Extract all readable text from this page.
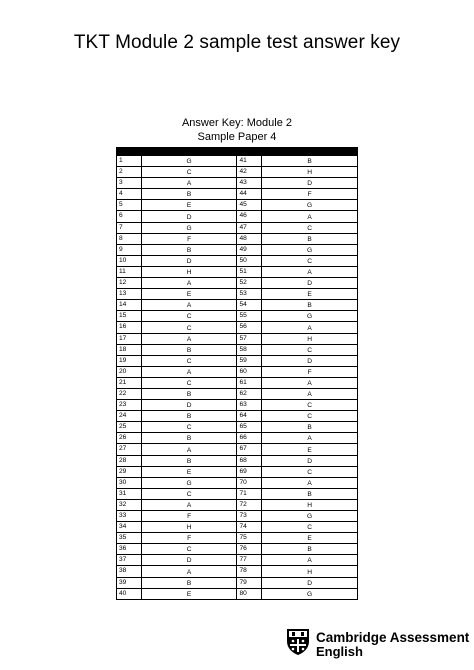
TKT Module 2 sample test answer key
Answer Key: Module 2
Sample Paper 4

1	G	41	B
2	C	42	H
3	A	43	D
4	B	44	F
5	E	45	G
6	D	46	A
7	G	47	C
8	F	48	B
9	B	49	G
10	D	50	C
11	H	51	A
12	A	52	D
13	E	53	E
14	A	54	B
15	C	55	G
16	C	56	A
17	A	57	H
18	B	58	C
19	C	59	D
20	A	60	F
21	C	61	A
22	B	62	A
23	D	63	C
24	B	64	C
25	C	65	B
26	B	66	A
27	A	67	E
28	B	68	D
29	E	69	C
30	G	70	A
31	C	71	B
32	A	72	H
33	F	73	G
34	H	74	C
35	F	75	E
36	C	76	B
37	D	77	A
38	A	78	H
39	B	79	D
40	E	80	G
Cambridge Assessment
English
